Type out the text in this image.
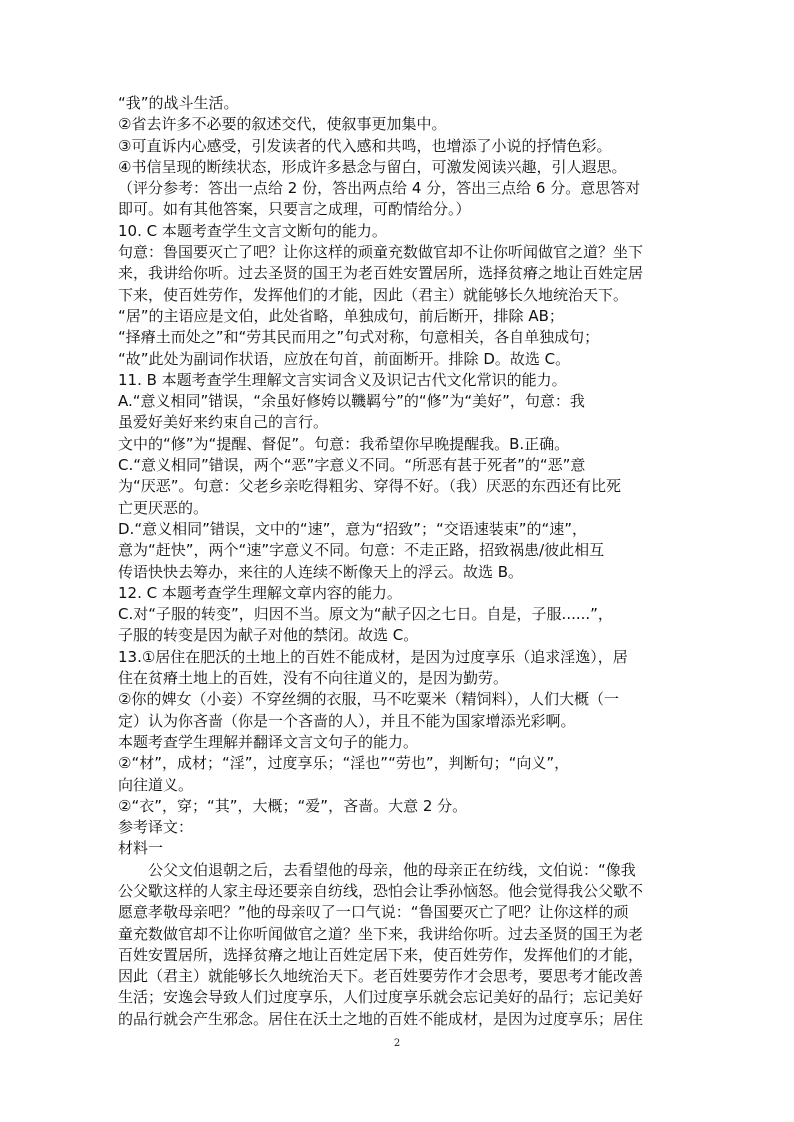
“我”的战斗生活。
②省去许多不必要的叙述交代，使叙事更加集中。
③可直诉内心感受，引发读者的代入感和共鸣，也增添了小说的抒情色彩。
④书信呈现的断续状态，形成许多悬念与留白，可激发阅读兴趣，引人遐思。
（评分参考：答出一点给 2 份，答出两点给 4 分，答出三点给 6 分。意思答对
即可。如有其他答案，只要言之成理，可酌情给分。）
10. C 本题考查学生文言文断句的能力。
句意：鲁国要灭亡了吧？让你这样的顽童充数做官却不让你听闻做官之道？坐下
来，我讲给你听。过去圣贤的国王为老百姓安置居所，选择贫瘠之地让百姓定居
下来，使百姓劳作，发挥他们的才能，因此（君主）就能够长久地统治天下。
“居”的主语应是文伯，此处省略，单独成句，前后断开，排除 AB；
“择瘠土而处之”和“劳其民而用之”句式对称，句意相关，各自单独成句；
“故”此处为副词作状语，应放在句首，前面断开。排除 D。故选 C。
11. B 本题考查学生理解文言实词含义及识记古代文化常识的能力。
A.“意义相同”错误，“余虽好修姱以鞿羁兮”的“修”为“美好”，句意：我
虽爱好美好来约束自己的言行。
文中的“修”为“提醒、督促”。句意：我希望你早晚提醒我。B.正确。
C.“意义相同”错误，两个“恶”字意义不同。“所恶有甚于死者”的“恶”意
为“厌恶”。句意：父老乡亲吃得粗劣、穿得不好。（我）厌恶的东西还有比死
亡更厌恶的。
D.“意义相同”错误，文中的“速”，意为“招致”；“交语速装束”的“速”，
意为“赶快”，两个“速”字意义不同。句意：不走正路，招致祸患/彼此相互
传语快快去筹办，来往的人连续不断像天上的浮云。故选 B。
12. C 本题考查学生理解文章内容的能力。
C.对“子服的转变”，归因不当。原文为“献子囚之七日。自是，子服......”，
子服的转变是因为献子对他的禁闭。故选 C。
13.①居住在肥沃的土地上的百姓不能成材，是因为过度享乐（追求淫逸），居
住在贫瘠土地上的百姓，没有不向往道义的，是因为勤劳。
②你的婢女（小妾）不穿丝绸的衣服，马不吃粟米（精饲料），人们大概（一
定）认为你吝啬（你是一个吝啬的人），并且不能为国家增添光彩啊。
本题考查学生理解并翻译文言文句子的能力。
②“材”，成材；“淫”，过度享乐；“淫也”“劳也”，判断句；“向义”，
向往道义。
②“衣”，穿；“其”，大概；“爱”，吝啬。大意 2 分。
参考译文：
材料一
公父文伯退朝之后，去看望他的母亲，他的母亲正在纺线，文伯说：“像我
公父歜这样的人家主母还要亲自纺线，恐怕会让季孙恼怒。他会觉得我公父歜不
愿意孝敬母亲吧？”他的母亲叹了一口气说：“鲁国要灭亡了吧？让你这样的顽
童充数做官却不让你听闻做官之道？坐下来，我讲给你听。过去圣贤的国王为老
百姓安置居所，选择贫瘠之地让百姓定居下来，使百姓劳作，发挥他们的才能，
因此（君主）就能够长久地统治天下。老百姓要劳作才会思考，要思考才能改善
生活；安逸会导致人们过度享乐，人们过度享乐就会忘记美好的品行；忘记美好
的品行就会产生邪念。居住在沃土之地的百姓不能成材，是因为过度享乐；居住
2
